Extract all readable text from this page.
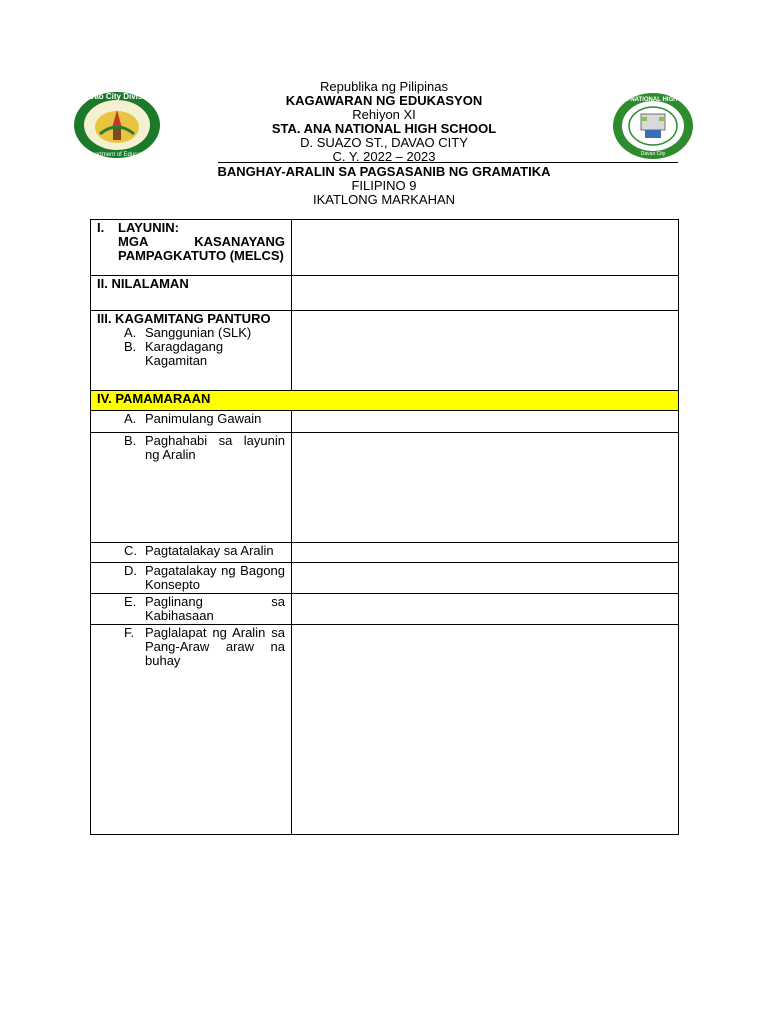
Davao City Division
Department of Education
STA. ANA NATIONAL HIGH SCHOOL
Davao City
Republika ng Pilipinas
KAGAWARAN NG EDUKASYON
Rehiyon XI
STA. ANA NATIONAL HIGH SCHOOL
D. SUAZO ST., DAVAO CITY
C. Y. 2022 – 2023
BANGHAY-ARALIN SA PAGSASANIB NG GRAMATIKA
FILIPINO 9
IKATLONG MARKAHAN
I. LAYUNIN:
MGA KASANAYANG PAMPAGKATUTO (MELCS)	

II. NILALAMAN	

III. KAGAMITANG PANTURO
A. Sanggunian (SLK)
B. Karagdagang Kagamitan	

IV. PAMAMARAAN	

A. Panimulang Gawain	

B. Paghahabi sa layunin ng Aralin	

C. Pagtatalakay sa Aralin	

D. Pagatalakay ng Bagong Konsepto	

E. Paglinang sa Kabihasaan	

F. Paglalapat ng Aralin sa Pang-Araw araw na buhay	
